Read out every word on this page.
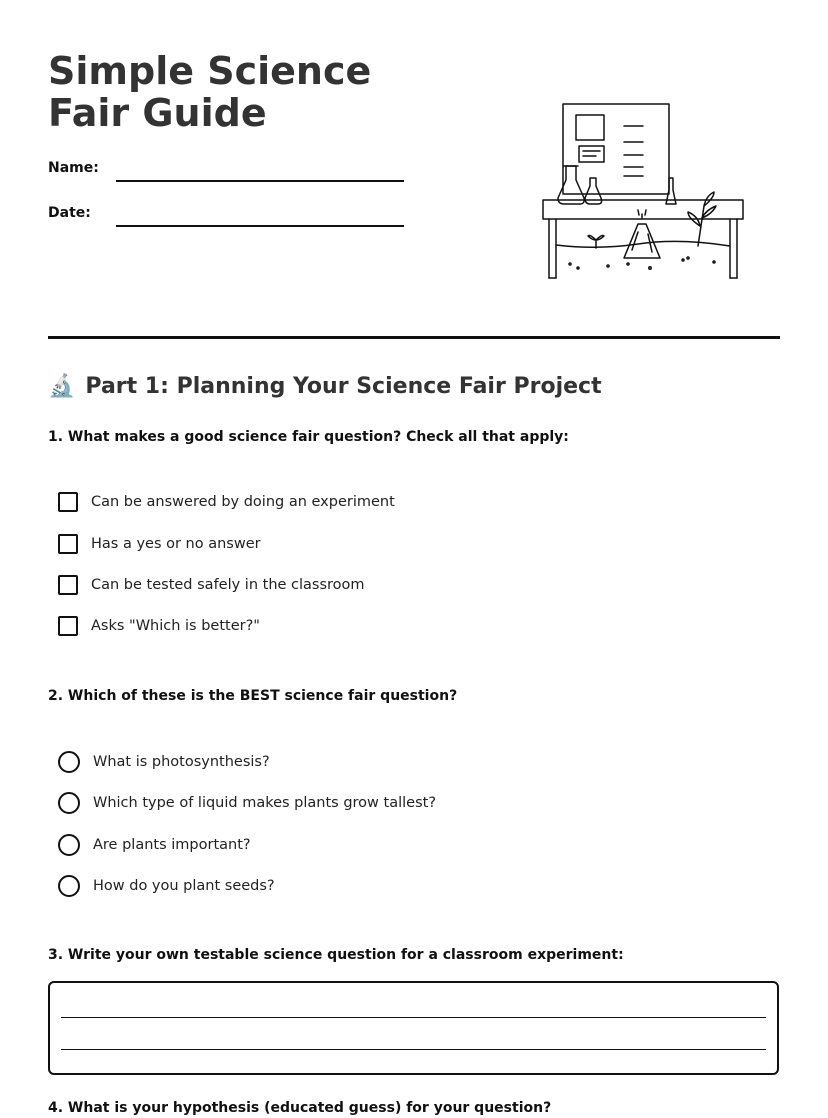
Simple Science Fair Guide
Name:
Date:
🔬 Part 1: Planning Your Science Fair Project
1. What makes a good science fair question? Check all that apply:
Can be answered by doing an experiment
Has a yes or no answer
Can be tested safely in the classroom
Asks "Which is better?"
2. Which of these is the BEST science fair question?
What is photosynthesis?
Which type of liquid makes plants grow tallest?
Are plants important?
How do you plant seeds?
3. Write your own testable science question for a classroom experiment:
4. What is your hypothesis (educated guess) for your question?
